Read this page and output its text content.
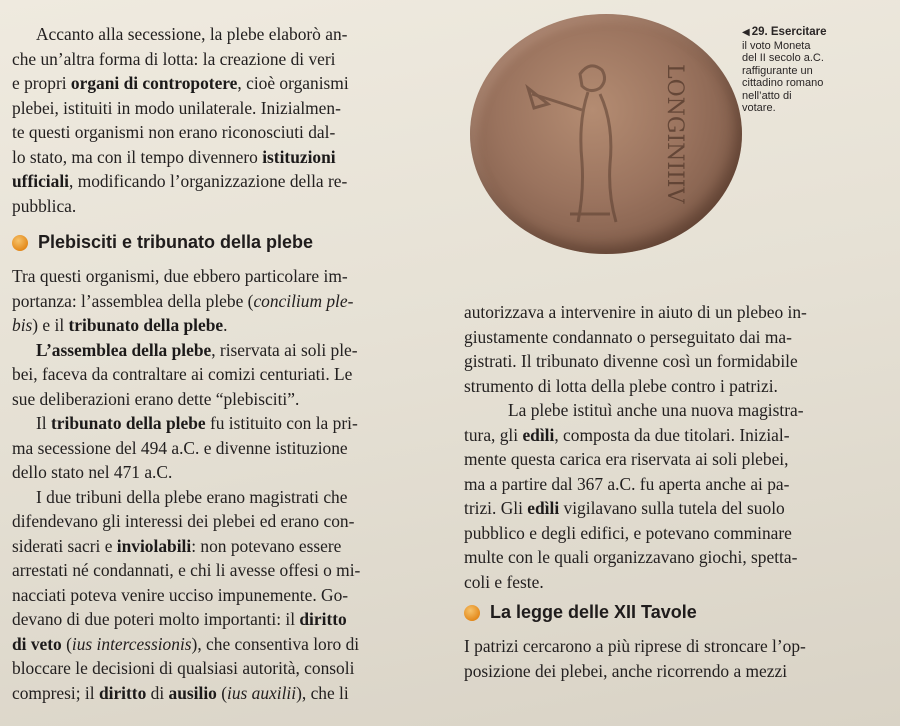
Accanto alla secessione, la plebe elaborò an-
che un’altra forma di lotta: la creazione di veri
e propri organi di contropotere, cioè organismi
plebei, istituiti in modo unilaterale. Inizialmen-
te questi organismi non erano riconosciuti dal-
lo stato, ma con il tempo divennero istituzioni
ufficiali, modificando l’organizzazione della re-
pubblica.
LONGINIIIV
◀ 29. Esercitare
il voto Moneta
del II secolo a.C.
raffigurante un
cittadino romano
nell’atto di
votare.
Plebisciti e tribunato della plebe
Tra questi organismi, due ebbero particolare im-
portanza: l’assemblea della plebe (concilium ple-
bis) e il tribunato della plebe.
L’assemblea della plebe, riservata ai soli ple-
bei, faceva da contraltare ai comizi centuriati. Le
sue deliberazioni erano dette “plebisciti”.
Il tribunato della plebe fu istituito con la pri-
ma secessione del 494 a.C. e divenne istituzione
dello stato nel 471 a.C.
I due tribuni della plebe erano magistrati che
difendevano gli interessi dei plebei ed erano con-
siderati sacri e inviolabili: non potevano essere
arrestati né condannati, e chi li avesse offesi o mi-
nacciati poteva venire ucciso impunemente. Go-
devano di due poteri molto importanti: il diritto
di veto (ius intercessionis), che consentiva loro di
bloccare le decisioni di qualsiasi autorità, consoli
compresi; il diritto di ausilio (ius auxilii), che li
autorizzava a intervenire in aiuto di un plebeo in-
giustamente condannato o perseguitato dai ma-
gistrati. Il tribunato divenne così un formidabile
strumento di lotta della plebe contro i patrizi.
La plebe istituì anche una nuova magistra-
tura, gli edìli, composta da due titolari. Inizial-
mente questa carica era riservata ai soli plebei,
ma a partire dal 367 a.C. fu aperta anche ai pa-
trizi. Gli edìli vigilavano sulla tutela del suolo
pubblico e degli edifici, e potevano comminare
multe con le quali organizzavano giochi, spetta-
coli e feste.
La legge delle XII Tavole
I patrizi cercarono a più riprese di stroncare l’op-
posizione dei plebei, anche ricorrendo a mezzi
